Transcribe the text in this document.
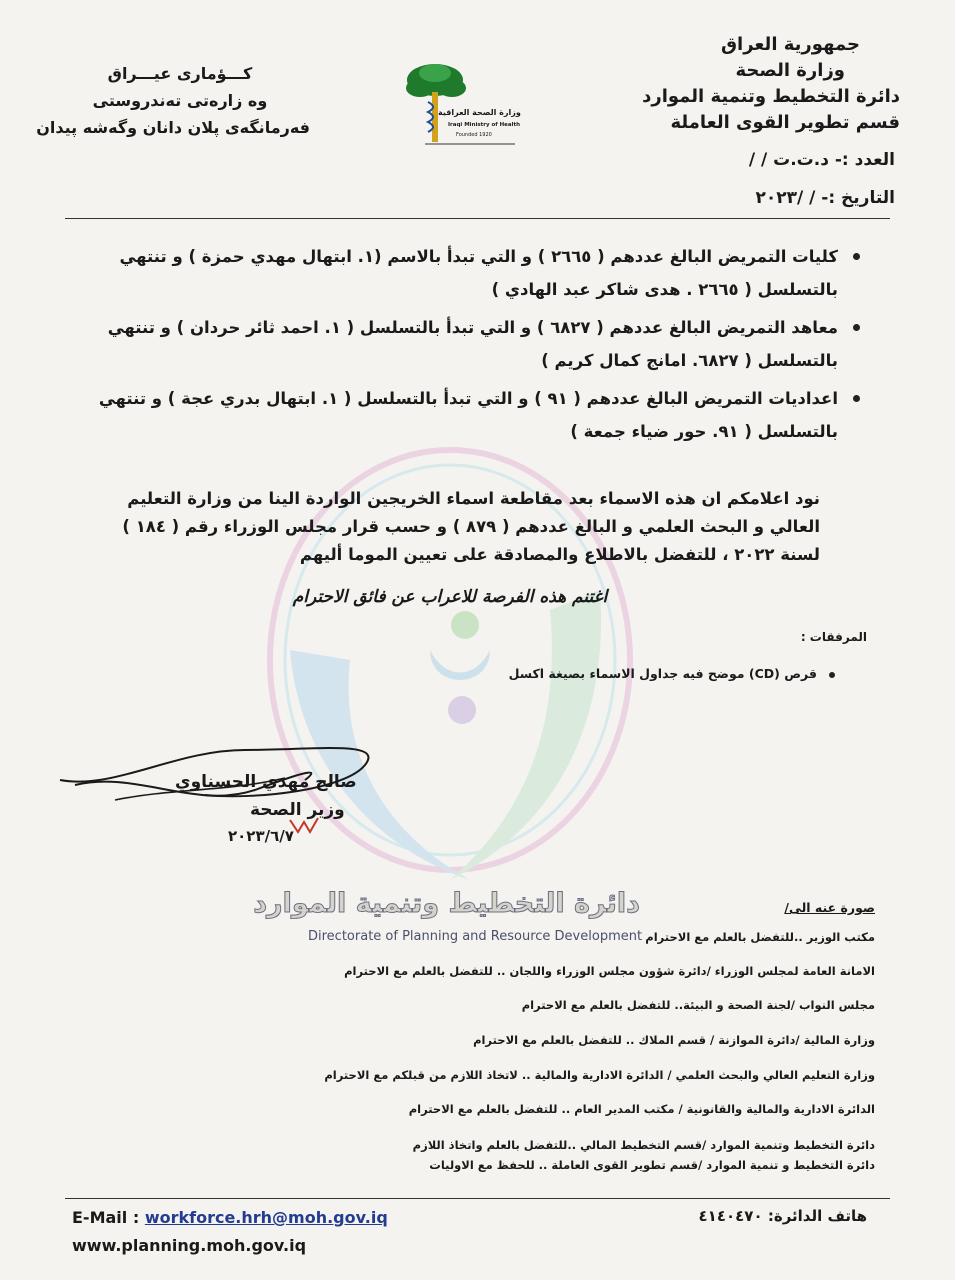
جمهورية العراق
وزارة الصحة
دائرة التخطيط وتنمية الموارد
قسم تطوير القوى العاملة
العدد :- د.ت.ت / /
التاريخ :- / /٢٠٢٣
وزارة الصحة العراقية
Iraqi Ministry of Health
Founded 1920
كـــؤماری عیـــراق
وه زارەتی تەندروستی
فەرمانگەی پلان دانان وگەشە پیدان
كليات التمريض البالغ عددهم ( ٢٦٦٥ ) و التي تبدأ بالاسم (١. ابتهال مهدي حمزة ) و تنتهي بالتسلسل ( ٢٦٦٥ . هدى شاكر عبد الهادي )
معاهد التمريض البالغ عددهم ( ٦٨٢٧ ) و التي تبدأ بالتسلسل ( ١. احمد ثائر حردان ) و تنتهي بالتسلسل ( ٦٨٢٧. امانج كمال كريم )
اعداديات التمريض البالغ عددهم ( ٩١ ) و التي تبدأ بالتسلسل ( ١. ابتهال بدري عجة ) و تنتهي بالتسلسل ( ٩١. حور ضياء جمعة )
نود اعلامكم ان هذه الاسماء بعد مقاطعة اسماء الخريجين الواردة الينا من وزارة التعليم العالي و البحث العلمي و البالغ عددهم ( ٨٧٩ ) و حسب قرار مجلس الوزراء رقم ( ١٨٤ ) لسنة ٢٠٢٢ ، للتفضل بالاطلاع والمصادقة على تعيين الموما أليهم
اغتنم هذه الفرصة للاعراب عن فائق الاحترام
المرفقات :
قرص (CD) موضح فيه جداول الاسماء بصيغة اكسل
صالح مهدي الحسناوي
وزير الصحة
٢٠٢٣/٦/٧
دائرة التخطيط وتنمية الموارد
Directorate of Planning and Resource Development
صورة عنه الى/
مكتب الوزير ..للتفضل بالعلم مع الاحترام
الامانة العامة لمجلس الوزراء /دائرة شؤون مجلس الوزراء واللجان .. للتفضل بالعلم مع الاحترام
مجلس النواب /لجنة الصحة و البيئة.. للتفضل بالعلم مع الاحترام
وزارة المالية /دائرة الموازنة / قسم الملاك .. للتفضل بالعلم مع الاحترام
وزارة التعليم العالي والبحث العلمي / الدائرة الادارية والمالية .. لاتخاذ اللازم من قبلكم مع الاحترام
الدائرة الادارية والمالية والقانونية / مكتب المدير العام .. للتفضل بالعلم مع الاحترام
دائرة التخطيط وتنمية الموارد /قسم التخطيط المالي ..للتفضل بالعلم واتخاذ اللازم
دائرة التخطيط و تنمية الموارد /قسم تطوير القوى العاملة .. للحفظ مع الاوليات
هاتف الدائرة: ٤١٤٠٤٧٠
E-Mail : workforce.hrh@moh.gov.iq
www.planning.moh.gov.iq
